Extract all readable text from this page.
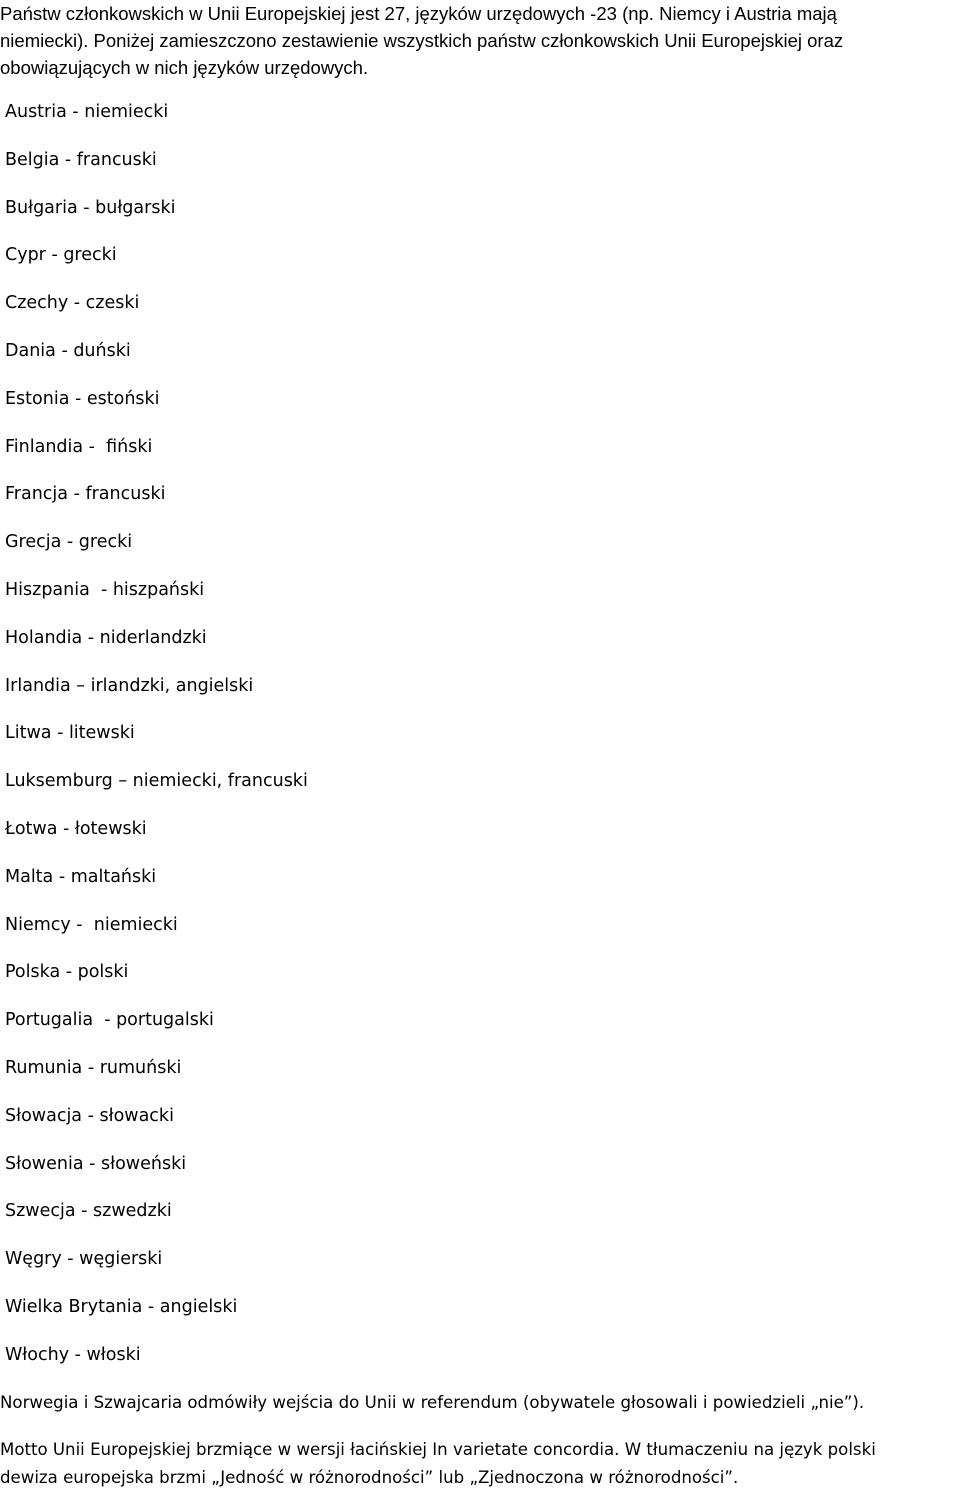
Państw członkowskich w Unii Europejskiej jest 27, języków urzędowych -23 (np. Niemcy i Austria mają
niemiecki). Poniżej zamieszczono zestawienie wszystkich państw członkowskich Unii Europejskiej oraz
obowiązujących w nich języków urzędowych.

Austria - niemiecki
Belgia - francuski
Bułgaria - bułgarski
Cypr - grecki
Czechy - czeski
Dania - duński
Estonia - estoński
Finlandia -  fiński
Francja - francuski
Grecja - grecki
Hiszpania  - hiszpański
Holandia - niderlandzki
Irlandia – irlandzki, angielski
Litwa - litewski
Luksemburg – niemiecki, francuski
Łotwa - łotewski
Malta - maltański
Niemcy -  niemiecki
Polska - polski
Portugalia  - portugalski
Rumunia - rumuński
Słowacja - słowacki
Słowenia - słoweński
Szwecja - szwedzki
Węgry - węgierski
Wielka Brytania - angielski
Włochy - włoski

Norwegia i Szwajcaria odmówiły wejścia do Unii w referendum (obywatele głosowali i powiedzieli „nie”).

Motto Unii Europejskiej brzmiące w wersji łacińskiej In varietate concordia. W tłumaczeniu na język polski
dewiza europejska brzmi „Jedność w różnorodności” lub „Zjednoczona w różnorodności”.
